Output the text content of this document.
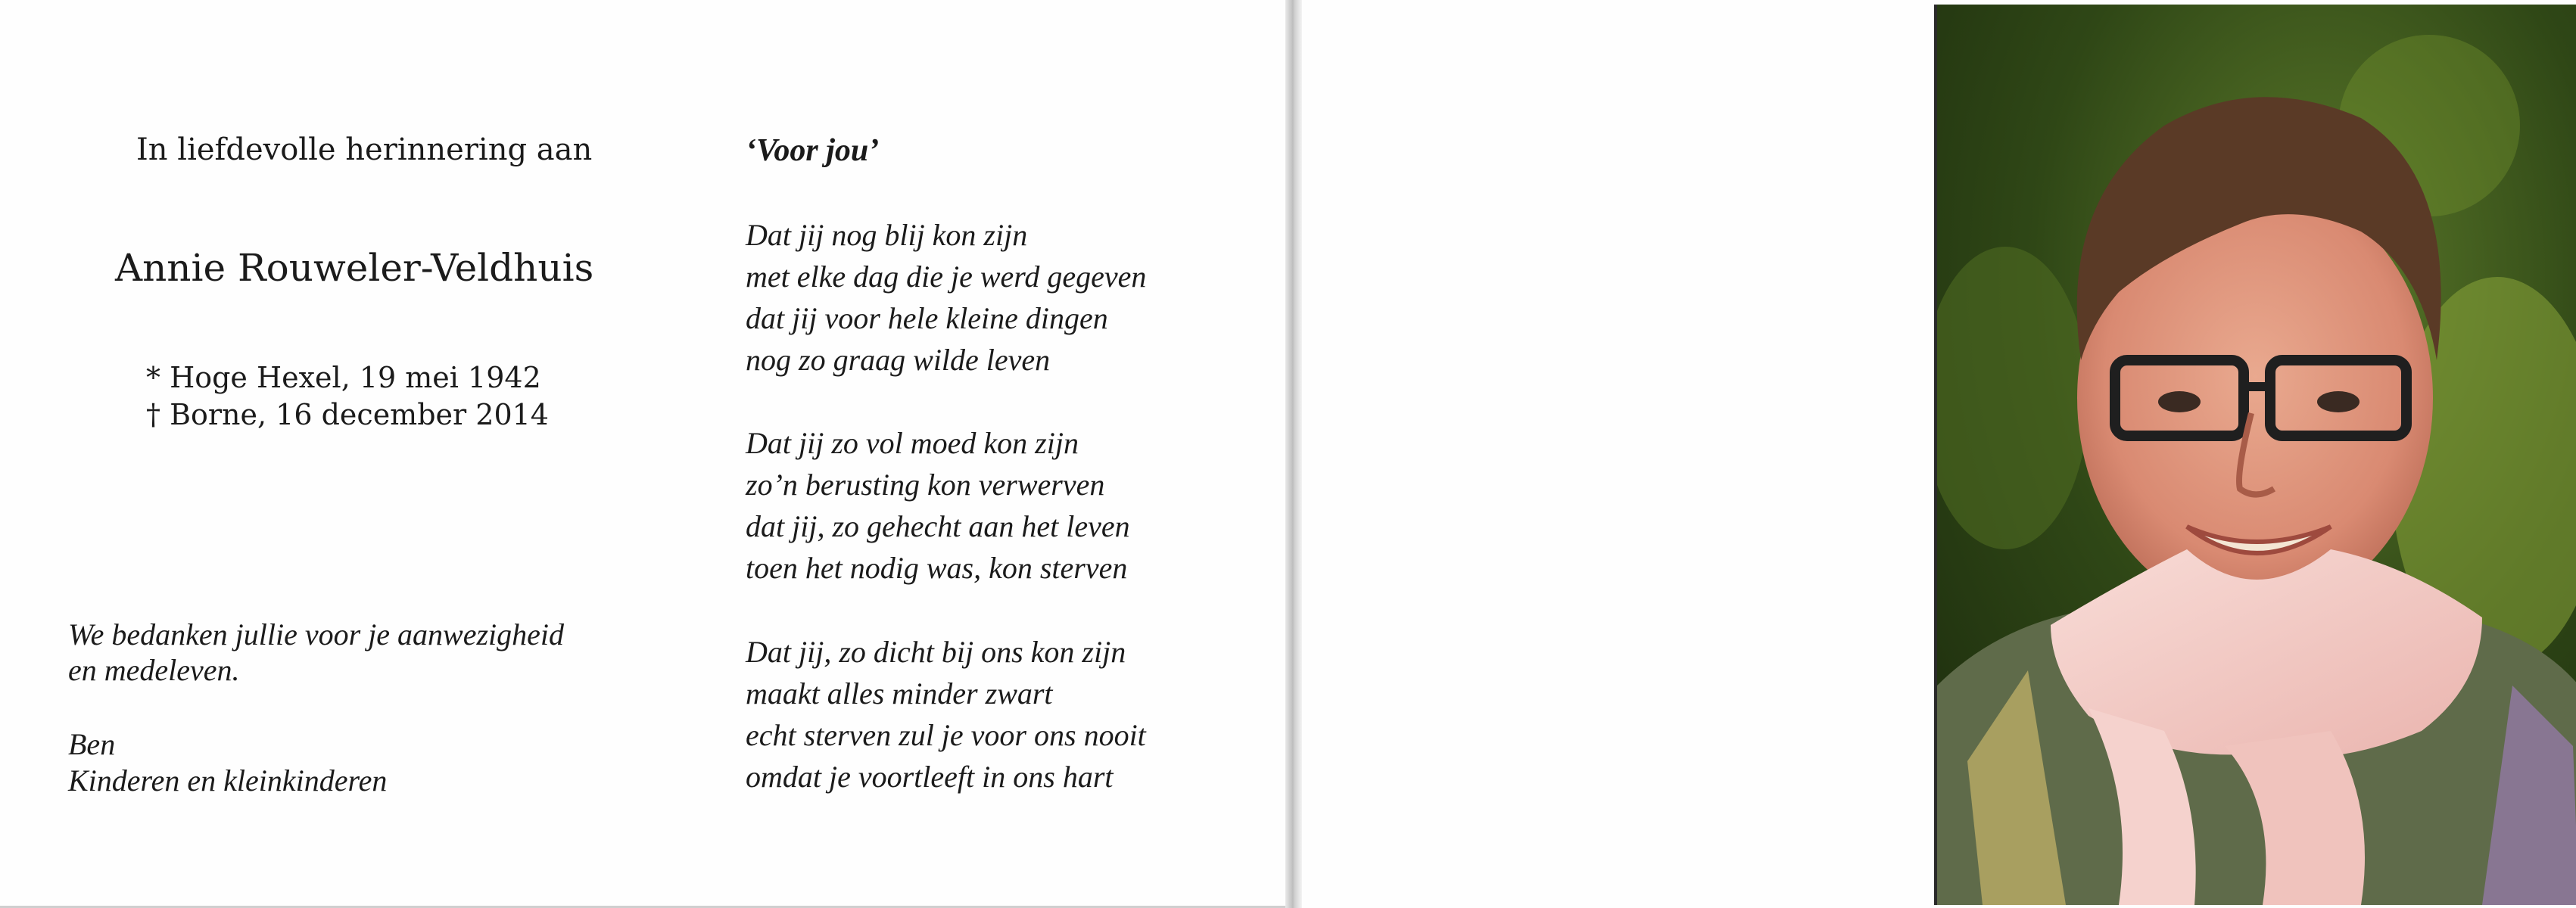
In liefdevolle herinnering aan
Annie Rouweler-Veldhuis
* Hoge Hexel, 19 mei 1942
† Borne, 16 december 2014
We bedanken jullie voor je aanwezigheid
en medeleven.
Ben
Kinderen en kleinkinderen
‘Voor jou’
Dat jij nog blij kon zijn
met elke dag die je werd gegeven
dat jij voor hele kleine dingen
nog zo graag wilde leven
Dat jij zo vol moed kon zijn
zo’n berusting kon verwerven
dat jij, zo gehecht aan het leven
toen het nodig was, kon sterven
Dat jij, zo dicht bij ons kon zijn
maakt alles minder zwart
echt sterven zul je voor ons nooit
omdat je voortleeft in ons hart
